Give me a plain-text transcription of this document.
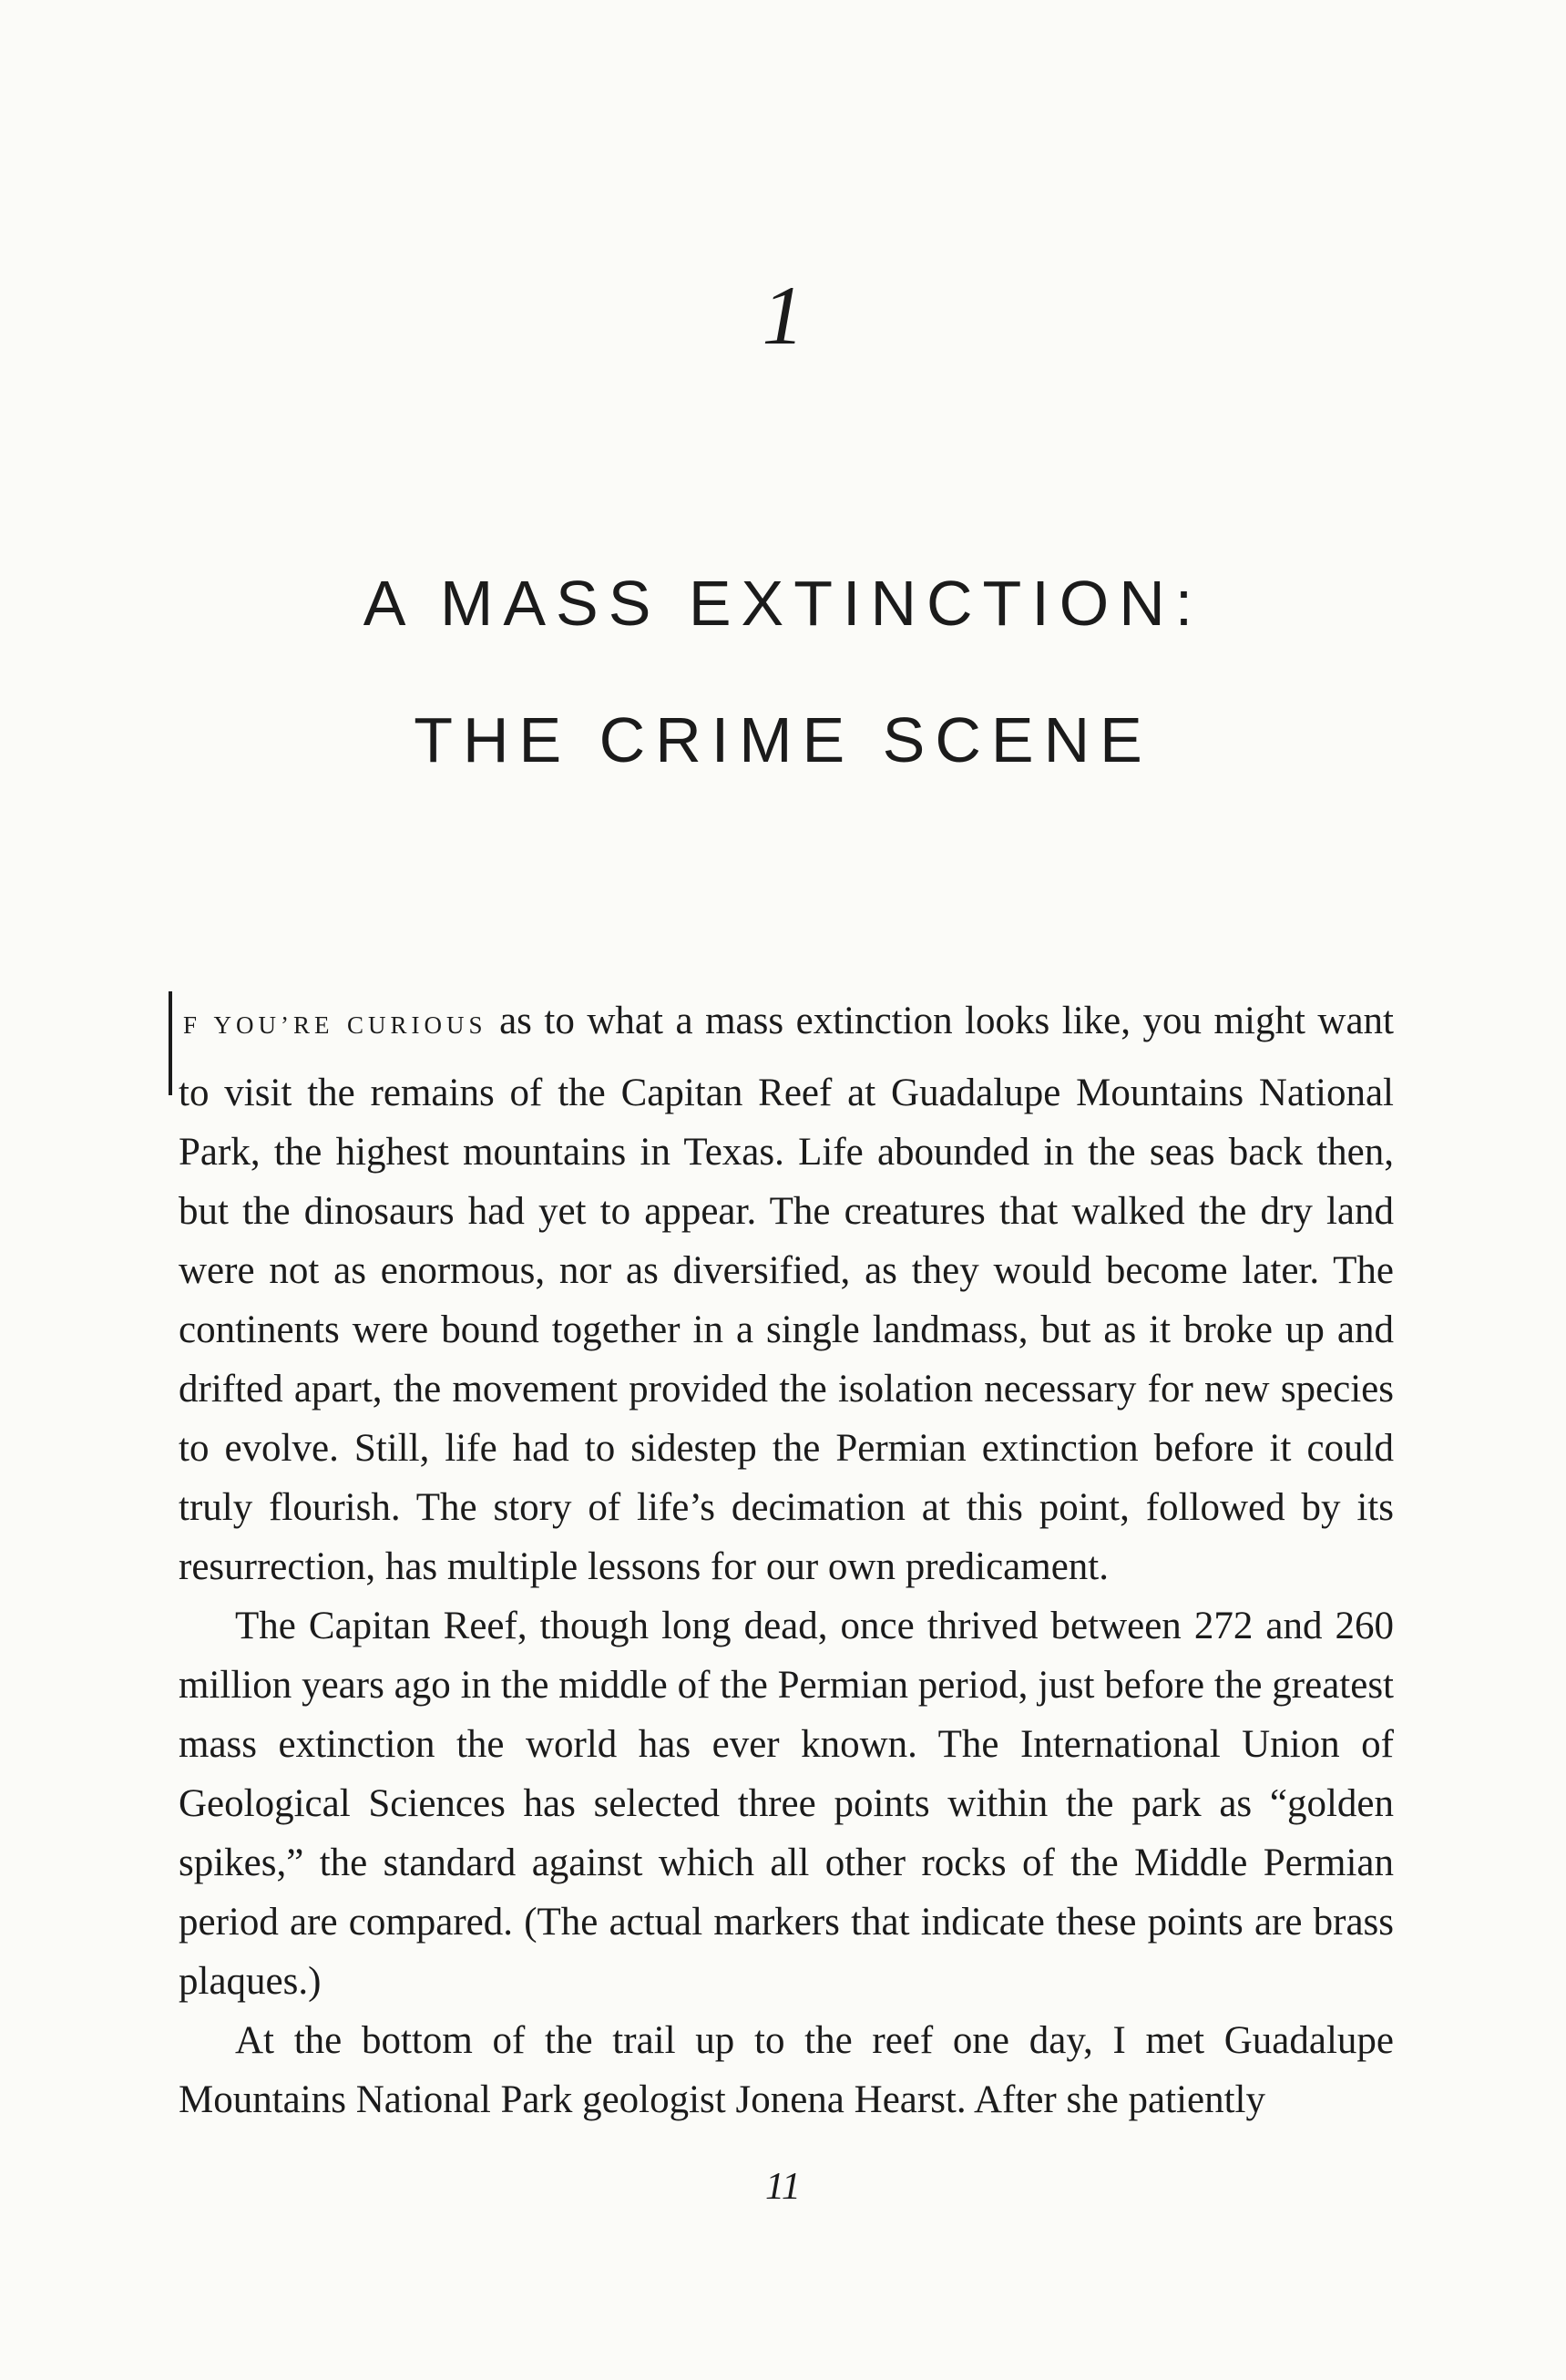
1
A MASS EXTINCTION:
THE CRIME SCENE

F YOU’RE CURIOUS as to what a mass extinction looks like, you might want to visit the remains of the Capitan Reef at Guadalupe Mountains National Park, the highest mountains in Texas. Life abounded in the seas back then, but the dinosaurs had yet to appear. The creatures that walked the dry land were not as enormous, nor as diversified, as they would become later. The continents were bound together in a single landmass, but as it broke up and drifted apart, the movement provided the isolation necessary for new species to evolve. Still, life had to sidestep the Permian extinction before it could truly flourish. The story of life’s decimation at this point, followed by its resurrection, has multiple lessons for our own predicament.

The Capitan Reef, though long dead, once thrived between 272 and 260 million years ago in the middle of the Permian period, just before the greatest mass extinction the world has ever known. The International Union of Geological Sciences has selected three points within the park as “golden spikes,” the standard against which all other rocks of the Middle Permian period are compared. (The actual markers that indicate these points are brass plaques.)

At the bottom of the trail up to the reef one day, I met Guadalupe Mountains National Park geologist Jonena Hearst. After she patiently

11
